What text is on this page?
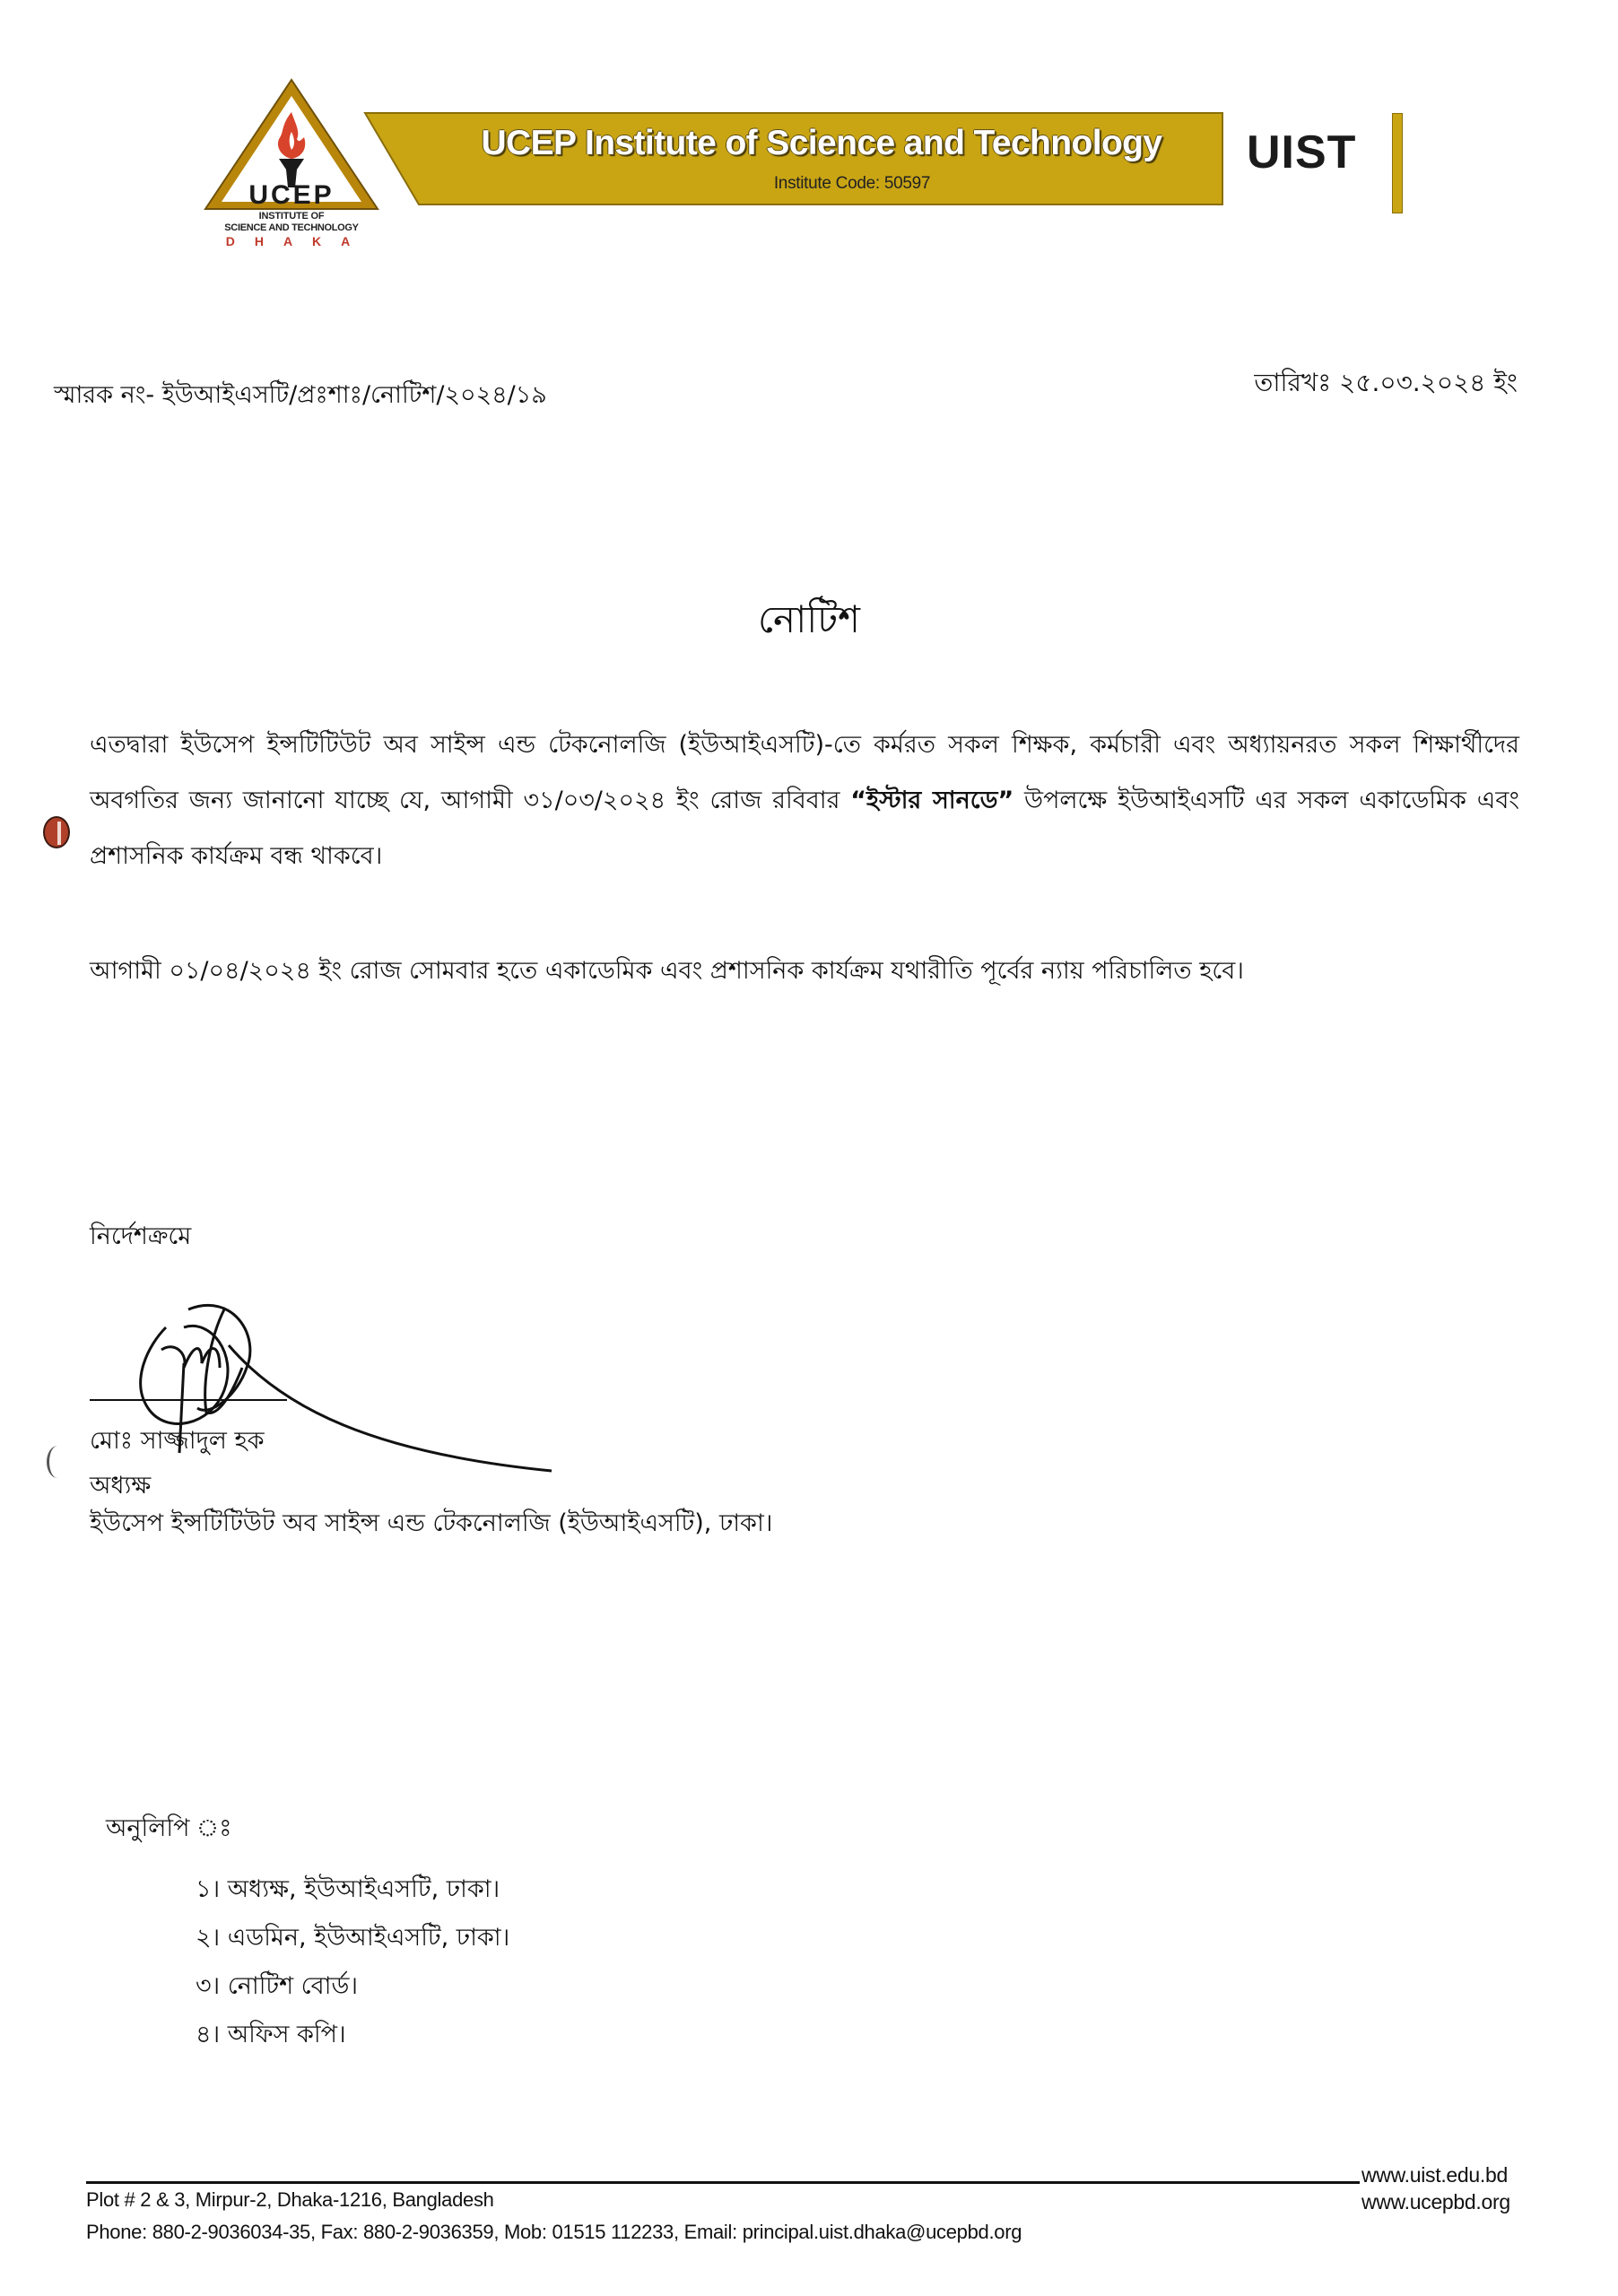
UCEP
INSTITUTE OF
SCIENCE AND TECHNOLOGY
DHAKA
UCEP Institute of Science and Technology
Institute Code: 50597
UIST
স্মারক নং- ইউআইএসটি/প্রঃশাঃ/নোটিশ/২০২৪/১৯	তারিখঃ ২৫.০৩.২০২৪ ইং
নোটিশ
এতদ্বারা ইউসেপ ইন্সটিটিউট অব সাইন্স এন্ড টেকনোলজি (ইউআইএসটি)-তে কর্মরত সকল শিক্ষক, কর্মচারী এবং অধ্যায়নরত সকল শিক্ষার্থীদের অবগতির জন্য জানানো যাচ্ছে যে, আগামী ৩১/০৩/২০২৪ ইং রোজ রবিবার “ইস্টার সানডে” উপলক্ষে ইউআইএসটি এর সকল একাডেমিক এবং প্রশাসনিক কার্যক্রম বন্ধ থাকবে।
আগামী ০১/০৪/২০২৪ ইং রোজ সোমবার হতে একাডেমিক এবং প্রশাসনিক কার্যক্রম যথারীতি পূর্বের ন্যায় পরিচালিত হবে।
নির্দেশক্রমে
মোঃ সাজ্জাদুল হক
অধ্যক্ষ
ইউসেপ ইন্সটিটিউট অব সাইন্স এন্ড টেকনোলজি (ইউআইএসটি), ঢাকা।
অনুলিপি ঃ
১। অধ্যক্ষ, ইউআইএসটি, ঢাকা।
২। এডমিন, ইউআইএসটি, ঢাকা।
৩। নোটিশ বোর্ড।
৪। অফিস কপি।
Plot # 2 & 3, Mirpur-2, Dhaka-1216, Bangladesh
Phone: 880-2-9036034-35, Fax: 880-2-9036359, Mob: 01515 112233, Email: principal.uist.dhaka@ucepbd.org
www.uist.edu.bd
www.ucepbd.org
